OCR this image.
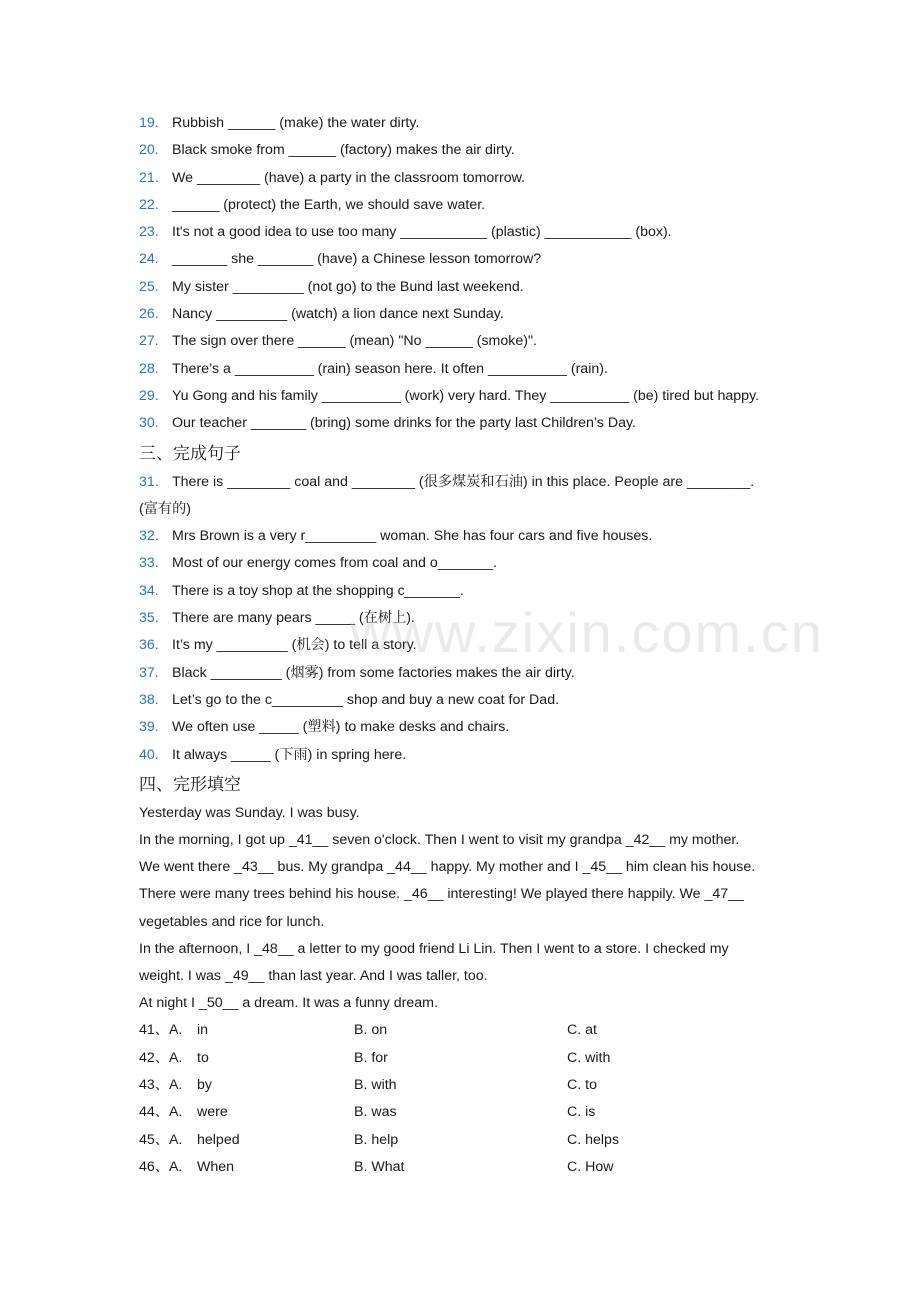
19. Rubbish ______ (make) the water dirty.
20. Black smoke from ______ (factory) makes the air dirty.
21. We ________ (have) a party in the classroom tomorrow.
22. ______ (protect) the Earth, we should save water.
23. It's not a good idea to use too many ___________ (plastic) ___________ (box).
24. _______ she _______ (have) a Chinese lesson tomorrow?
25. My sister _________ (not go) to the Bund last weekend.
26. Nancy _________ (watch) a lion dance next Sunday.
27. The sign over there ______ (mean) "No ______ (smoke)".
28. There’s a __________ (rain) season here. It often __________ (rain).
29. Yu Gong and his family __________ (work) very hard. They __________ (be) tired but happy.
30. Our teacher _______ (bring) some drinks for the party last Children’s Day.
三、完成句子
31. There is ________ coal and ________ (很多煤炭和石油) in this place. People are ________.
(富有的)
32. Mrs Brown is a very r_________ woman. She has four cars and five houses.
33. Most of our energy comes from coal and o_______.
34. There is a toy shop at the shopping c_______.
35. There are many pears _____ (在树上).
36. It’s my _________ (机会) to tell a story.
37. Black _________ (烟雾) from some factories makes the air dirty.
38. Let’s go to the c_________ shop and buy a new coat for Dad.
39. We often use _____ (塑料) to make desks and chairs.
40. It always _____ (下雨) in spring here.
四、完形填空
Yesterday was Sunday. I was busy.
In the morning, I got up _41__ seven o'clock. Then I went to visit my grandpa _42__ my mother.
We went there _43__ bus. My grandpa _44__ happy. My mother and I _45__ him clean his house.
There were many trees behind his house. _46__ interesting! We played there happily. We _47__
vegetables and rice for lunch.
In the afternoon, I _48__ a letter to my good friend Li Lin. Then I went to a store. I checked my
weight. I was _49__ than last year. And I was taller, too.
At night I _50__ a dream. It was a funny dream.
41、A. in	B. on	C. at
42、A. to	B. for	C. with
43、A. by	B. with	C. to
44、A. were	B. was	C. is
45、A. helped	B. help	C. helps
46、A. When	B. What	C. How
www.zixin.com.cn
